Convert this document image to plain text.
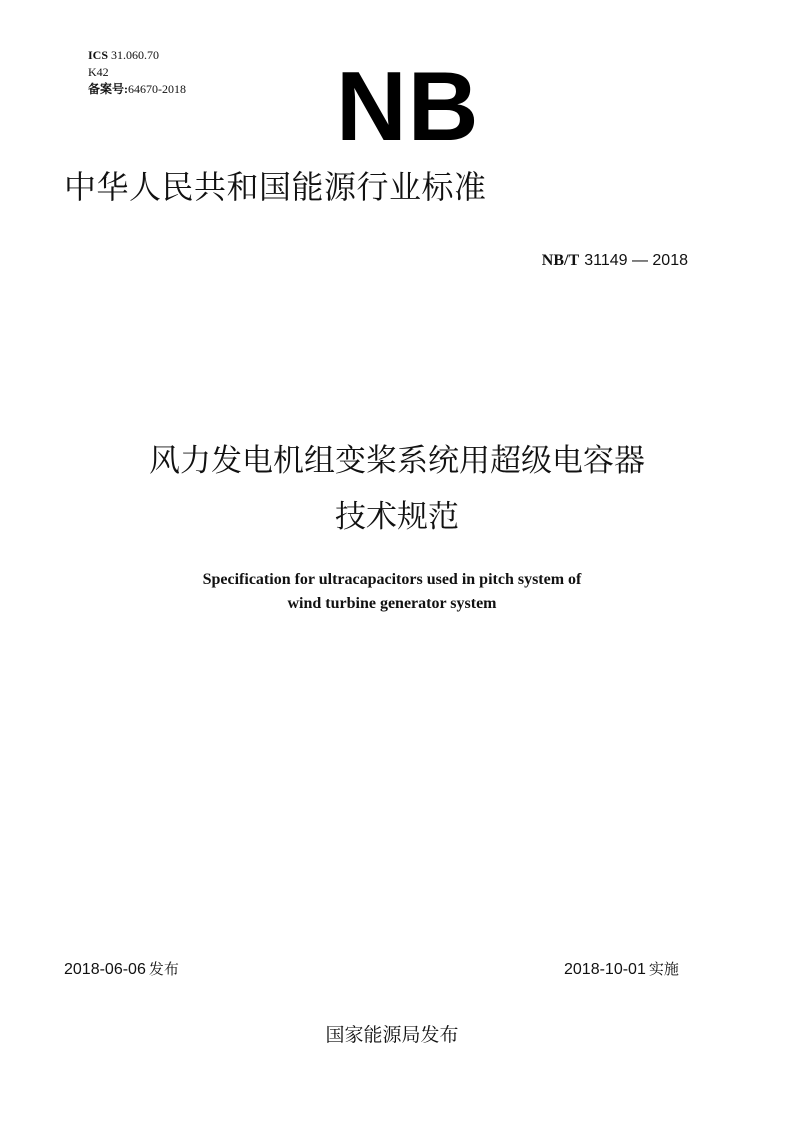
ICS 31.060.70
K42
备案号:64670-2018 NB
中华人民共和国能源行业标准
NB/T 31149 — 2018
风力发电机组变桨系统用超级电容器
技术规范
Specification for ultracapacitors used in pitch system of
wind turbine generator system
2018-06-06 发布	2018-10-01 实施
国家能源局发布
